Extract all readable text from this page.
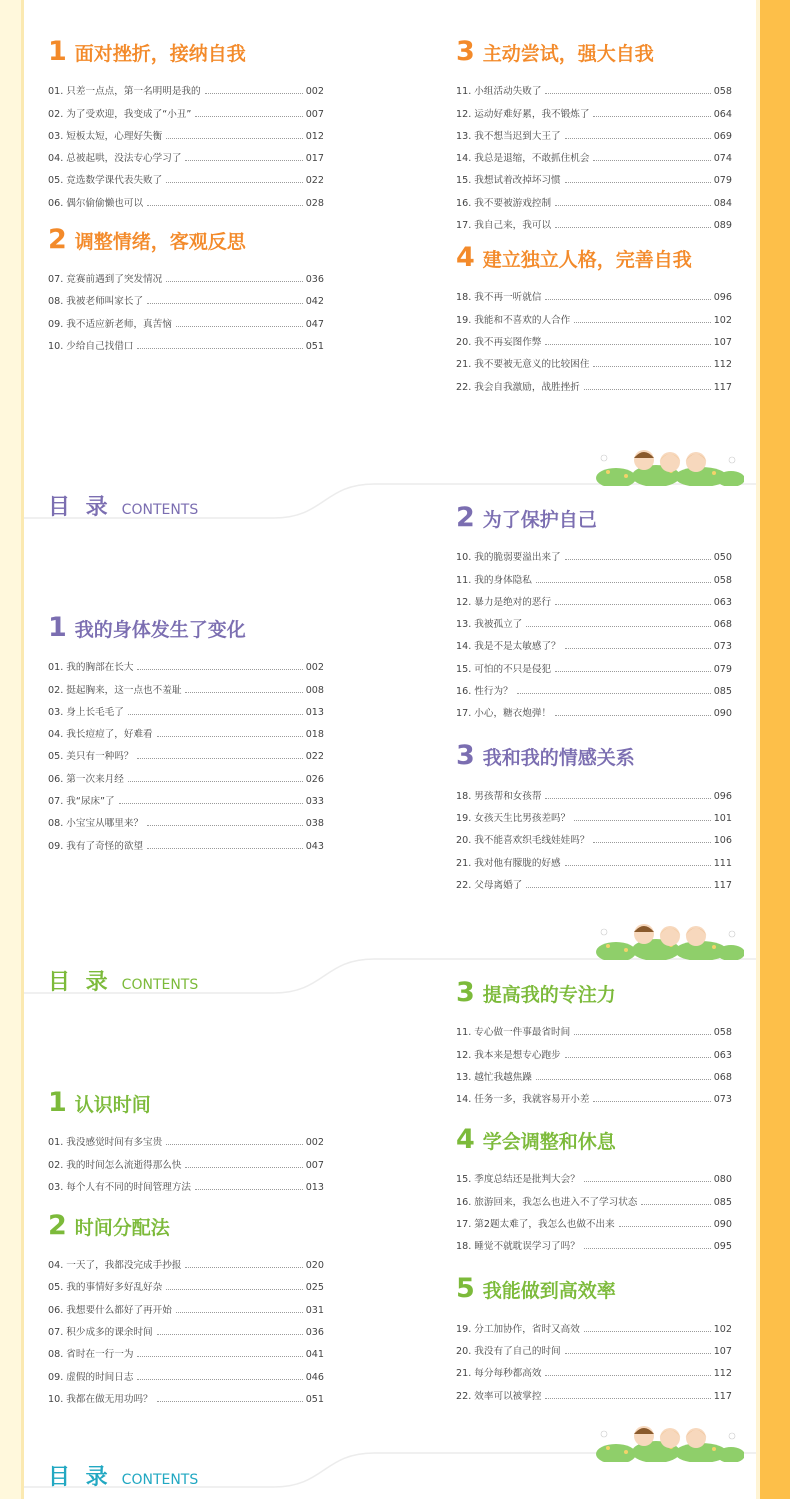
1 面对挫折，接纳自我
01. 只差一点点，第一名明明是我的	002
02. 为了受欢迎，我变成了“小丑”	007
03. 短板太短，心理好失衡	012
04. 总被起哄，没法专心学习了	017
05. 竞选数学课代表失败了	022
06. 偶尔偷偷懒也可以	028
2 调整情绪，客观反思
07. 竞赛前遇到了突发情况	036
08. 我被老师叫家长了	042
09. 我不适应新老师，真苦恼	047
10. 少给自己找借口	051
3 主动尝试，强大自我
11. 小组活动失败了	058
12. 运动好难好累，我不锻炼了	064
13. 我不想当迟到大王了	069
14. 我总是退缩，不敢抓住机会	074
15. 我想试着改掉坏习惯	079
16. 我不要被游戏控制	084
17. 我自己来，我可以	089
4 建立独立人格，完善自我
18. 我不再一听就信	096
19. 我能和不喜欢的人合作	102
20. 我不再妄图作弊	107
21. 我不要被无意义的比较困住	112
22. 我会自我激励，战胜挫折	117
目 录 CONTENTS
1 我的身体发生了变化
01. 我的胸部在长大	002
02. 挺起胸来，这一点也不羞耻	008
03. 身上长毛毛了	013
04. 我长痘痘了，好难看	018
05. 美只有一种吗？	022
06. 第一次来月经	026
07. 我“尿床”了	033
08. 小宝宝从哪里来？	038
09. 我有了奇怪的欲望	043
2 为了保护自己
10. 我的脆弱要溢出来了	050
11. 我的身体隐私	058
12. 暴力是绝对的恶行	063
13. 我被孤立了	068
14. 我是不是太敏感了？	073
15. 可怕的不只是侵犯	079
16. 性行为？	085
17. 小心，糖衣炮弹！	090
3 我和我的情感关系
18. 男孩帮和女孩帮	096
19. 女孩天生比男孩差吗？	101
20. 我不能喜欢织毛线娃娃吗？	106
21. 我对他有朦胧的好感	111
22. 父母离婚了	117
目 录 CONTENTS
1 认识时间
01. 我没感觉时间有多宝贵	002
02. 我的时间怎么流逝得那么快	007
03. 每个人有不同的时间管理方法	013
2 时间分配法
04. 一天了，我都没完成手抄报	020
05. 我的事情好多好乱好杂	025
06. 我想要什么都好了再开始	031
07. 积少成多的课余时间	036
08. 省时在一行一为	041
09. 虚假的时间日志	046
10. 我都在做无用功吗？	051
3 提高我的专注力
11. 专心做一件事最省时间	058
12. 我本来是想专心跑步	063
13. 越忙我越焦躁	068
14. 任务一多，我就容易开小差	073
4 学会调整和休息
15. 季度总结还是批判大会？	080
16. 旅游回来，我怎么也进入不了学习状态	085
17. 第2题太难了，我怎么也做不出来	090
18. 睡觉不就耽误学习了吗？	095
5 我能做到高效率
19. 分工加协作，省时又高效	102
20. 我没有了自己的时间	107
21. 每分每秒都高效	112
22. 效率可以被掌控	117
目 录 CONTENTS
